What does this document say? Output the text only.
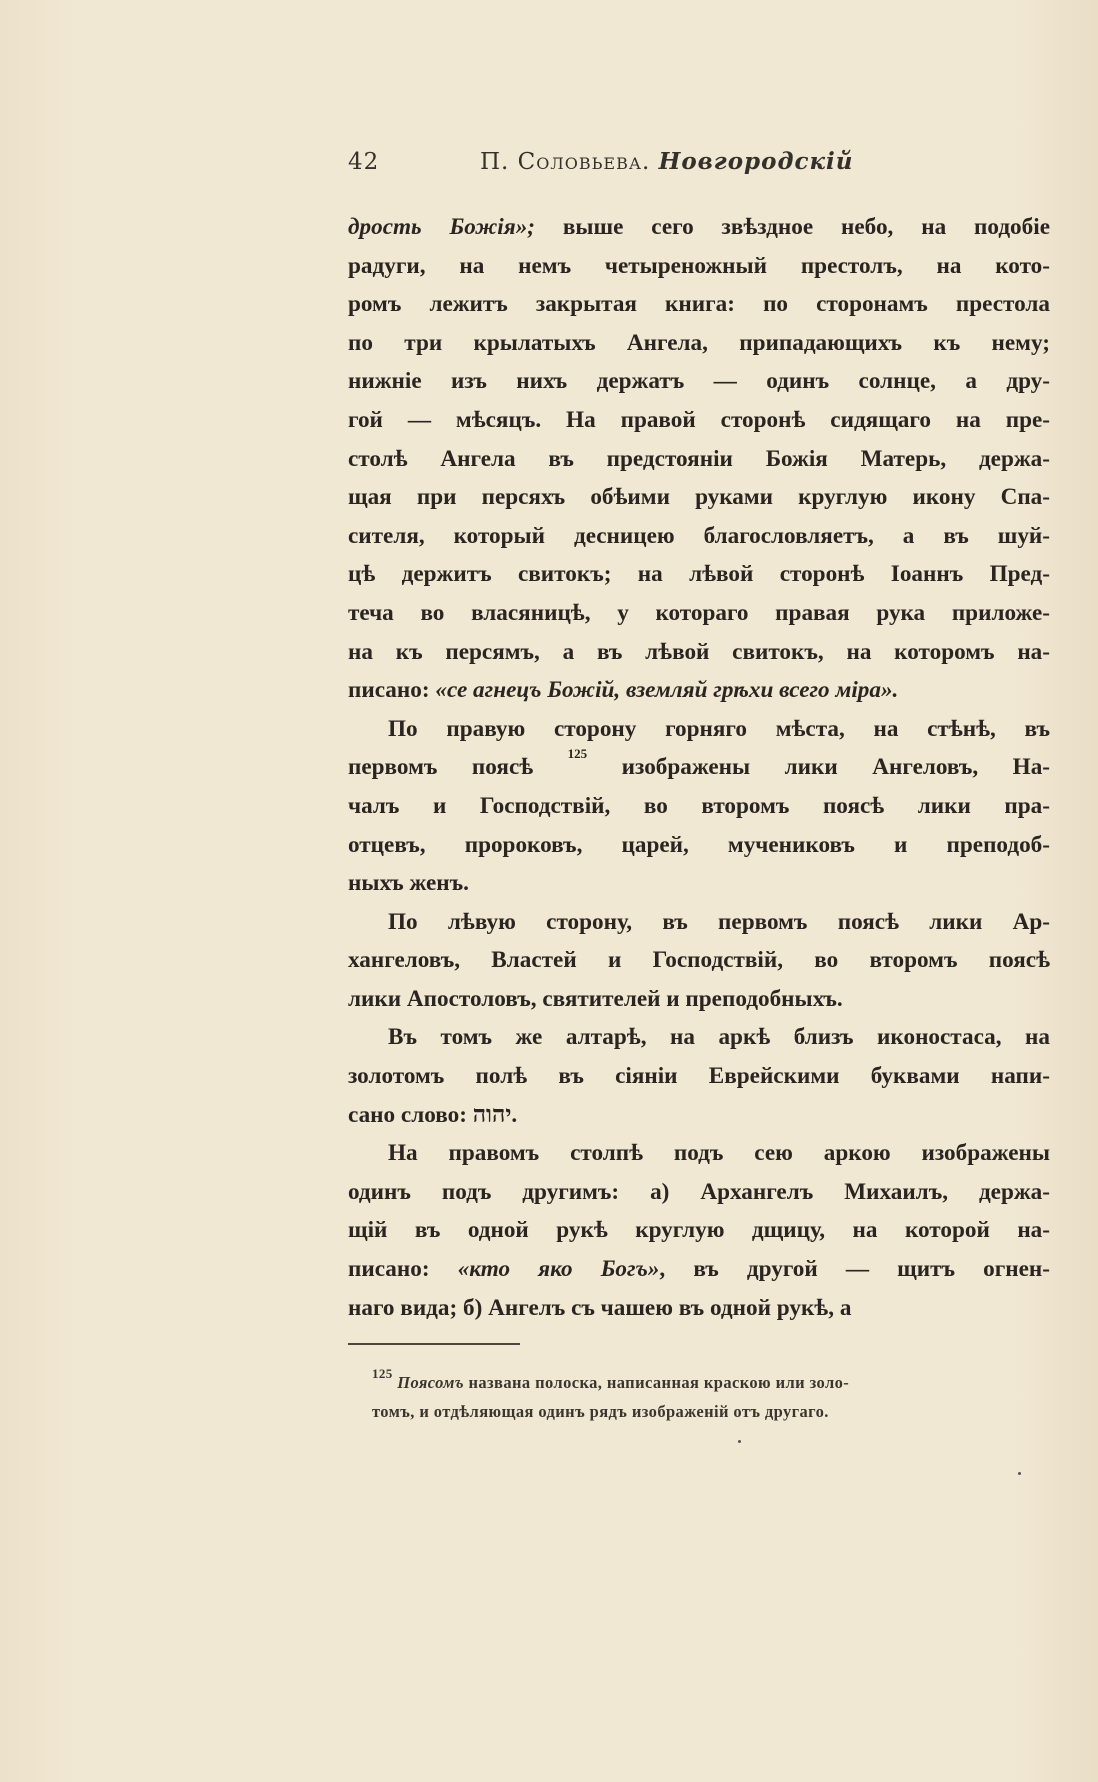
42	П. Соловьева. Новгородскій

дрость Божія»; выше сего звѣздное небо, на подобіе

радуги, на немъ четыреножный престолъ, на кото-

ромъ лежитъ закрытая книга: по сторонамъ престола

по три крылатыхъ Ангела, припадающихъ къ нему;

нижніе изъ нихъ держатъ — одинъ солнце, а дру-

гой — мѣсяцъ. На правой сторонѣ сидящаго на пре-

столѣ Ангела въ предстояніи Божія Матерь, держа-

щая при персяхъ обѣими руками круглую икону Спа-

сителя, который десницею благословляетъ, а въ шуй-

цѣ держитъ свитокъ; на лѣвой сторонѣ Іоаннъ Пред-

теча во власяницѣ, у котораго правая рука приложе-

на къ персямъ, а въ лѣвой свитокъ, на которомъ на-

писано: «се агнецъ Божій, вземляй грѣхи всего міра».

По правую сторону горняго мѣста, на стѣнѣ, въ

первомъ поясѣ $^{125}$ изображены лики Ангеловъ, На-

чалъ и Господствій, во второмъ поясѣ лики пра-

отцевъ, пророковъ, царей, мучениковъ и преподоб-

ныхъ женъ.

По лѣвую сторону, въ первомъ поясѣ лики Ар-

хангеловъ, Властей и Господствій, во второмъ поясѣ

лики Апостоловъ, святителей и преподобныхъ.

Въ томъ же алтарѣ, на аркѣ близъ иконостаса, на

золотомъ полѣ въ сіяніи Еврейскими буквами напи-

сано слово: יהוה.

На правомъ столпѣ подъ сею аркою изображены

одинъ подъ другимъ: а) Архангелъ Михаилъ, держа-

щій въ одной рукѣ круглую дщицу, на которой на-

писано: «кто яко Богъ», въ другой — щитъ огнен-

наго вида; б) Ангелъ съ чашею въ одной рукѣ, а

$^{125}$ Поясомъ названа полоска, написанная краскою или золо-

томъ, и отдѣляющая одинъ рядъ изображеній отъ другаго.
